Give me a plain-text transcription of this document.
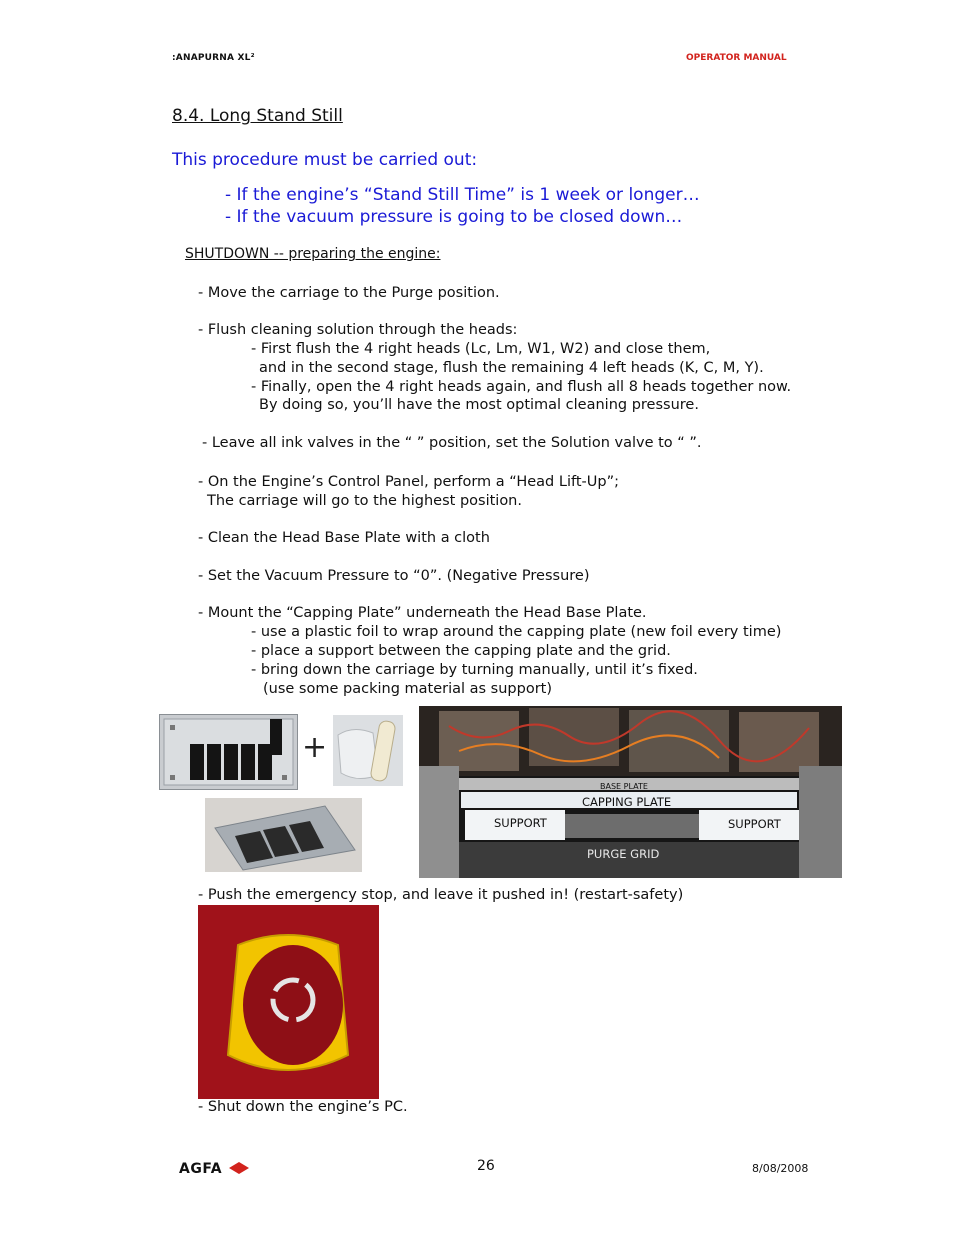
:ANAPURNA XL²	OPERATOR MANUAL
8.4. Long Stand Still
This procedure must be carried out:
- If the engine’s “Stand Still Time” is 1 week or longer…
- If the vacuum pressure is going to be closed down…
SHUTDOWN -- preparing the engine:
- Move the carriage to the Purge position.
- Flush cleaning solution through the heads:
- First flush the 4 right heads (Lc, Lm, W1, W2) and close them,
and in the second stage, flush the remaining 4 left heads (K, C, M, Y).
- Finally, open the 4 right heads again, and flush all 8 heads together now.
By doing so, you’ll have the most optimal cleaning pressure.
- Leave all ink valves in the “ ” position, set the Solution valve to “ ”.
- On the Engine’s Control Panel, perform a “Head Lift-Up”;
The carriage will go to the highest position.
- Clean the Head Base Plate with a cloth
- Set the Vacuum Pressure to “0”. (Negative Pressure)
- Mount the “Capping Plate” underneath the Head Base Plate.
- use a plastic foil to wrap around the capping plate (new foil every time)
- place a support between the capping plate and the grid.
- bring down the carriage by turning manually, until it’s fixed.
(use some packing material as support)
+
BASE PLATE
CAPPING PLATE
SUPPORT	SUPPORT
PURGE GRID
- Push the emergency stop, and leave it pushed in! (restart-safety)
- Shut down the engine’s PC.
AGFA	26	8/08/2008
